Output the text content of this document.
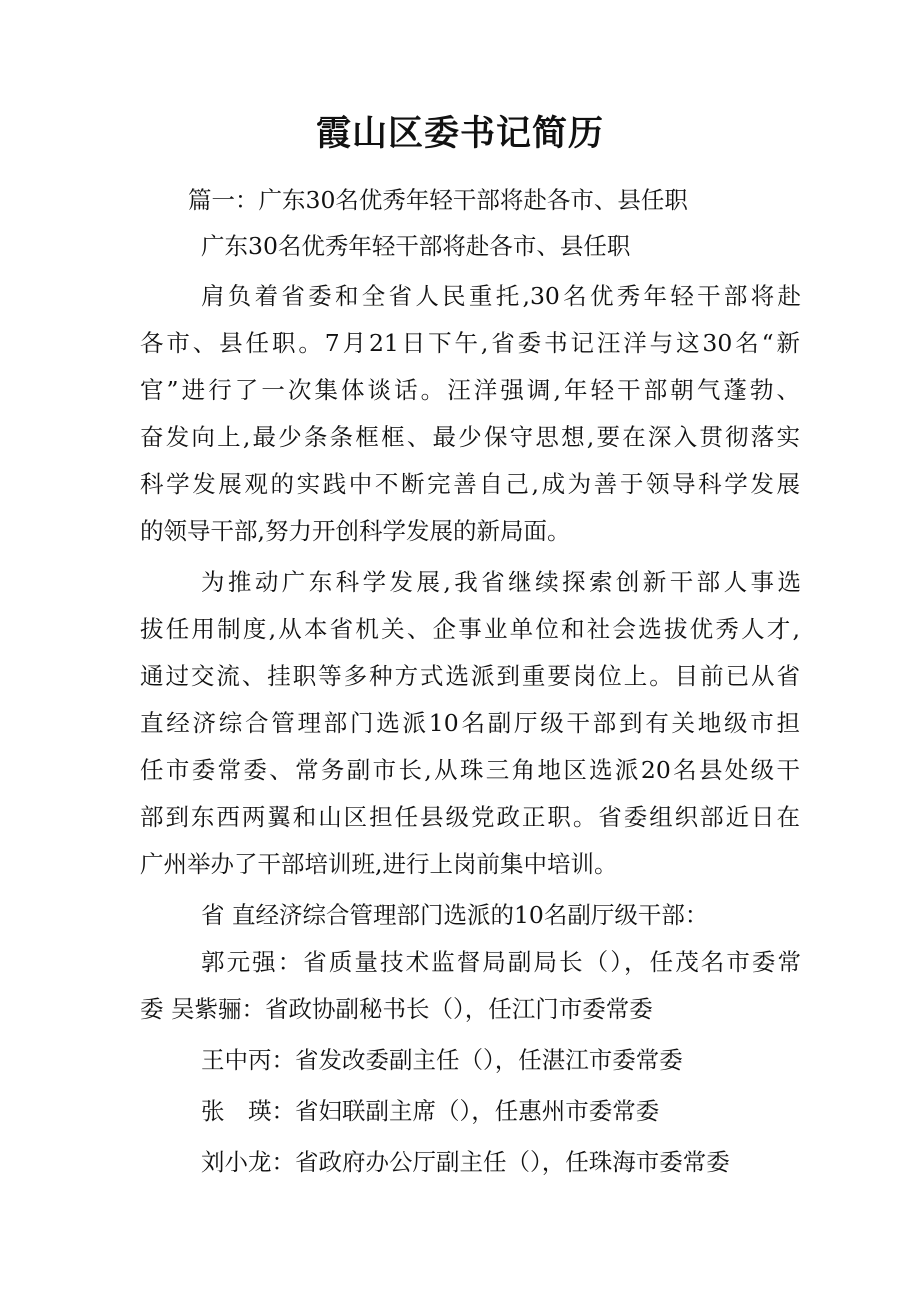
霞山区委书记简历

篇一：广东30名优秀年轻干部将赴各市、县任职

广东30名优秀年轻干部将赴各市、县任职

肩负着省委和全省人民重托,30名优秀年轻干部将赴

各市、县任职。7月21日下午,省委书记汪洋与这30名“新

官”进行了一次集体谈话。汪洋强调,年轻干部朝气蓬勃、

奋发向上,最少条条框框、最少保守思想,要在深入贯彻落实

科学发展观的实践中不断完善自己,成为善于领导科学发展

的领导干部,努力开创科学发展的新局面。

为推动广东科学发展,我省继续探索创新干部人事选

拔任用制度,从本省机关、企事业单位和社会选拔优秀人才,

通过交流、挂职等多种方式选派到重要岗位上。目前已从省

直经济综合管理部门选派10名副厅级干部到有关地级市担

任市委常委、常务副市长,从珠三角地区选派20名县处级干

部到东西两翼和山区担任县级党政正职。省委组织部近日在

广州举办了干部培训班,进行上岗前集中培训。

省 直经济综合管理部门选派的10名副厅级干部：

郭元强：省质量技术监督局副局长（），任茂名市委常

委 吴紫骊：省政协副秘书长（），任江门市委常委

王中丙：省发改委副主任（），任湛江市委常委

张　瑛：省妇联副主席（），任惠州市委常委

刘小龙：省政府办公厅副主任（），任珠海市委常委
